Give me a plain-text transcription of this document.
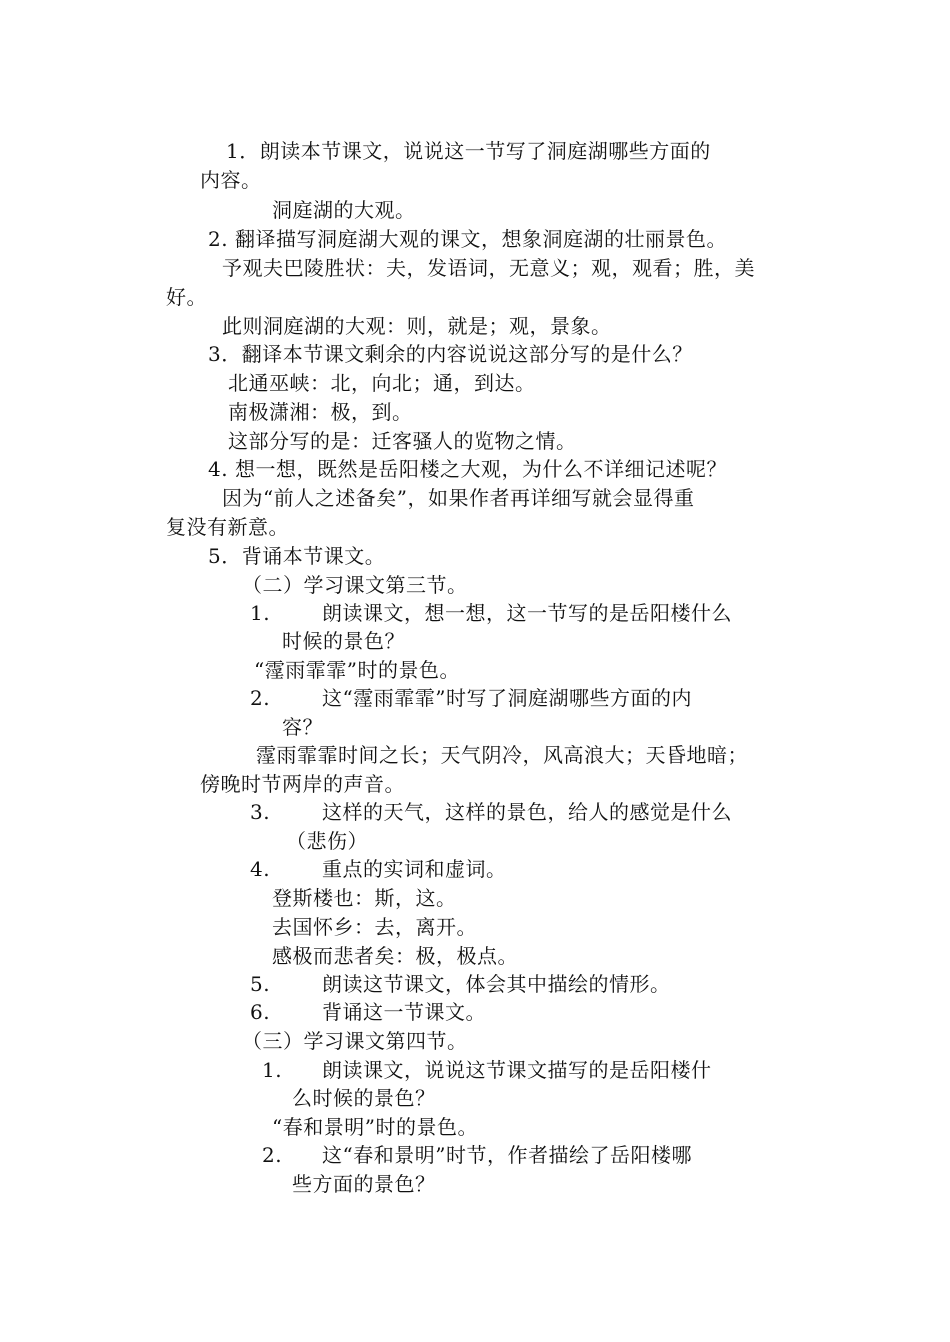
1．朗读本节课文，说说这一节写了洞庭湖哪些方面的
内容。
洞庭湖的大观。
2. 翻译描写洞庭湖大观的课文，想象洞庭湖的壮丽景色。
予观夫巴陵胜状：夫，发语词，无意义；观，观看；胜，美
好。
此则洞庭湖的大观：则，就是；观，景象。
3．翻译本节课文剩余的内容说说这部分写的是什么？
北通巫峡：北，向北；通，到达。
南极潇湘：极，到。
这部分写的是：迁客骚人的览物之情。
4. 想一想，既然是岳阳楼之大观，为什么不详细记述呢？
因为“前人之述备矣”，如果作者再详细写就会显得重
复没有新意。
5．背诵本节课文。
（二）学习课文第三节。
1.	朗读课文，想一想，这一节写的是岳阳楼什么
时候的景色？
“霪雨霏霏”时的景色。
2.	这“霪雨霏霏”时写了洞庭湖哪些方面的内
容？
霪雨霏霏时间之长；天气阴冷，风高浪大；天昏地暗；
傍晚时节两岸的声音。
3.	这样的天气，这样的景色，给人的感觉是什么
（悲伤）
4.	重点的实词和虚词。
登斯楼也：斯，这。
去国怀乡：去，离开。
感极而悲者矣：极，极点。
5.	朗读这节课文，体会其中描绘的情形。
6.	背诵这一节课文。
（三）学习课文第四节。
1. 朗读课文，说说这节课文描写的是岳阳楼什
么时候的景色？
“春和景明”时的景色。
2. 这“春和景明”时节，作者描绘了岳阳楼哪
些方面的景色？
